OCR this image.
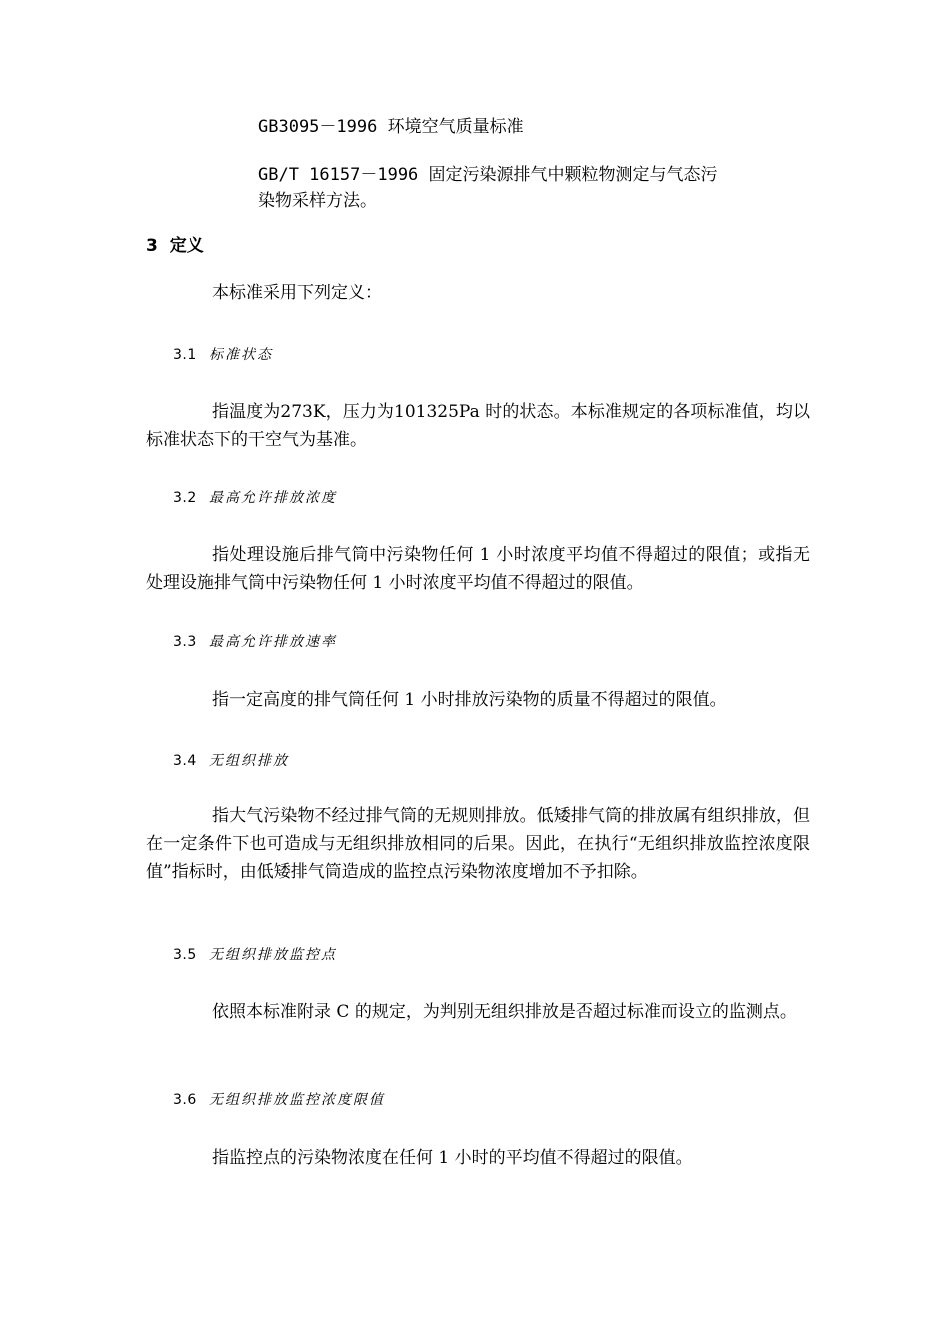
GB3095－1996 环境空气质量标准
GB/T 16157－1996 固定污染源排气中颗粒物测定与气态污染物采样方法。
3 定义
本标准采用下列定义：
3.1 标准状态
指温度为273K，压力为101325Pa 时的状态。本标准规定的各项标准值，均以标准状态下的干空气为基准。
3.2 最高允许排放浓度
指处理设施后排气筒中污染物任何 1 小时浓度平均值不得超过的限值；或指无处理设施排气筒中污染物任何 1 小时浓度平均值不得超过的限值。
3.3 最高允许排放速率
指一定高度的排气筒任何 1 小时排放污染物的质量不得超过的限值。
3.4 无组织排放
指大气污染物不经过排气筒的无规则排放。低矮排气筒的排放属有组织排放，但在一定条件下也可造成与无组织排放相同的后果。因此，在执行“无组织排放监控浓度限值”指标时，由低矮排气筒造成的监控点污染物浓度增加不予扣除。
3.5 无组织排放监控点
依照本标准附录 C 的规定，为判别无组织排放是否超过标准而设立的监测点。
3.6 无组织排放监控浓度限值
指监控点的污染物浓度在任何 1 小时的平均值不得超过的限值。
